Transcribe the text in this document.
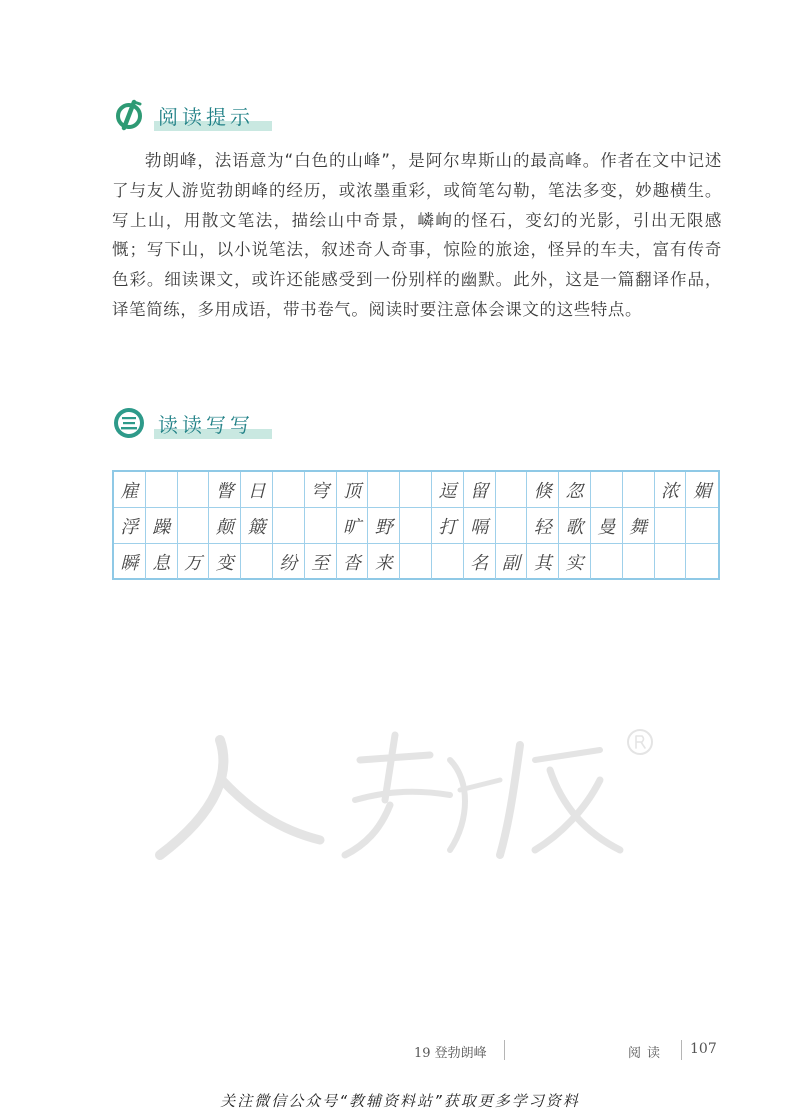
阅读提示
勃朗峰，法语意为“白色的山峰”，是阿尔卑斯山的最高峰。作者在文中记述了与友人游览勃朗峰的经历，或浓墨重彩，或简笔勾勒，笔法多变，妙趣横生。写上山，用散文笔法，描绘山中奇景，嶙峋的怪石，变幻的光影，引出无限感慨；写下山，以小说笔法，叙述奇人奇事，惊险的旅途，怪异的车夫，富有传奇色彩。细读课文，或许还能感受到一份别样的幽默。此外，这是一篇翻译作品，译笔简练，多用成语，带书卷气。阅读时要注意体会课文的这些特点。
读读写写
雇	瞥 日	穹 顶	逗 留	倏 忽	浓 媚
浮 躁	颠 簸	旷 野	打 嗝	轻 歌 曼 舞
瞬 息 万 变	纷 至 沓 来	名 副 其 实
19 登勃朗峰	阅读 107
关注微信公众号“教辅资料站”获取更多学习资料
